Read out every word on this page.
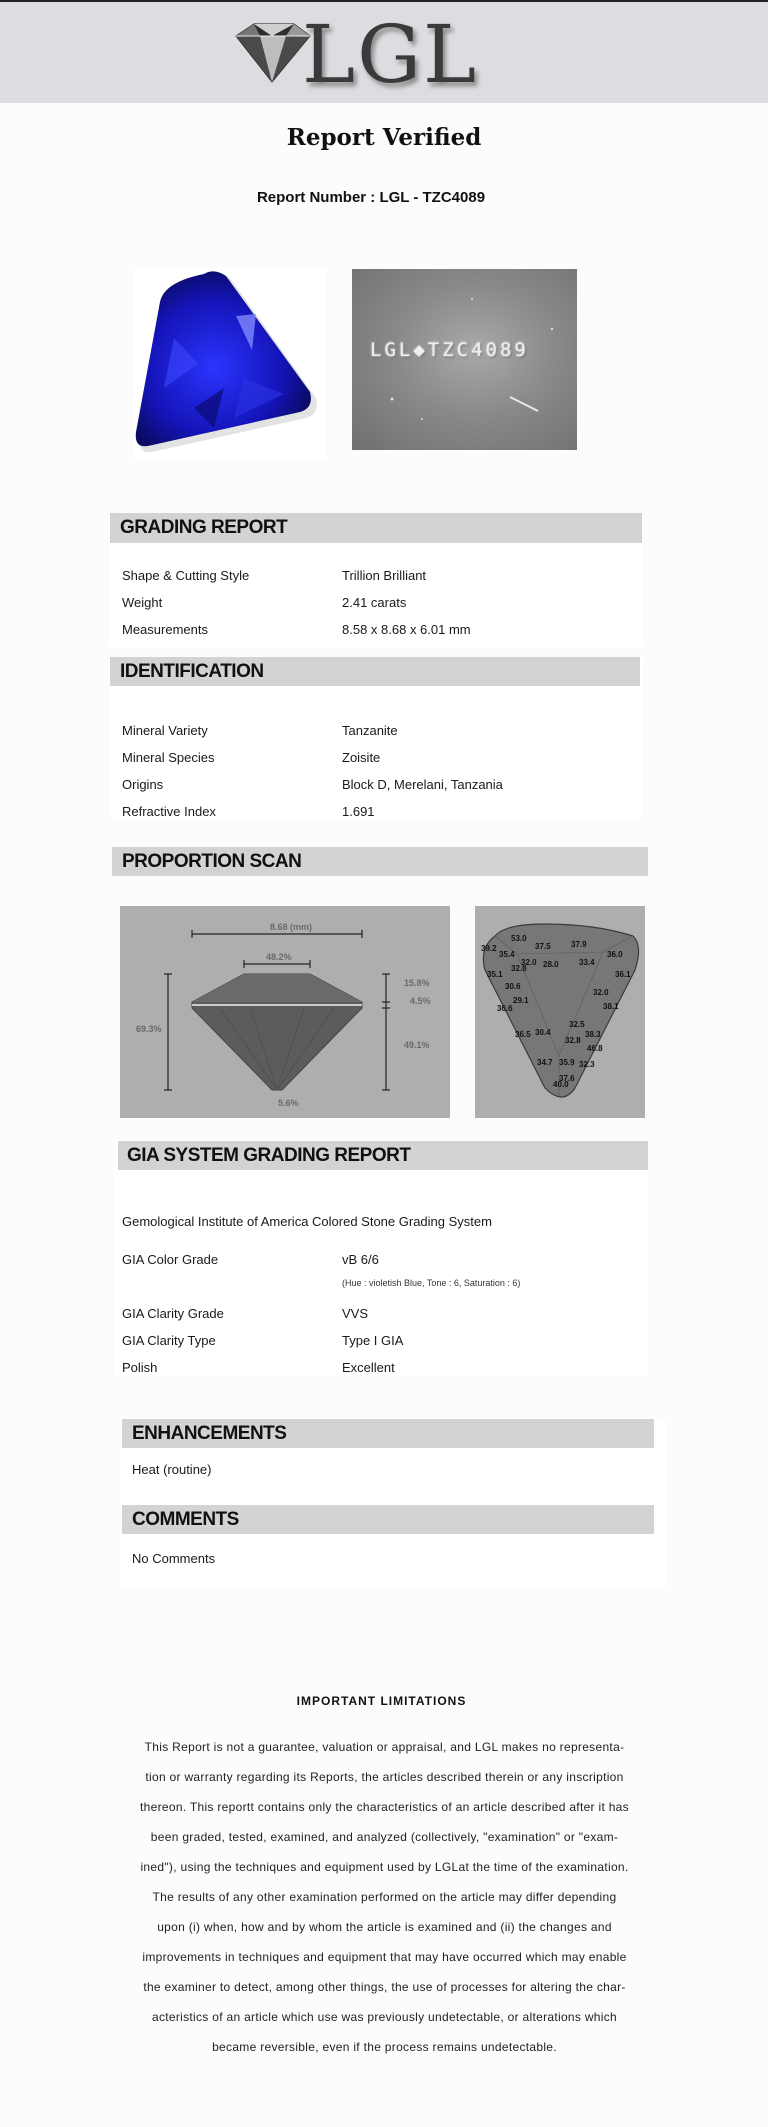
LGL
Report Verified
Report Number : LGL - TZC4089
LGL◆TZC4089
GRADING REPORT
Shape & Cutting Style	Trillion Brilliant
Weight	2.41 carats
Measurements	8.58 x 8.68 x 6.01 mm
IDENTIFICATION
Mineral Variety	Tanzanite
Mineral Species	Zoisite
Origins	Block D, Merelani, Tanzania
Refractive Index	1.691
PROPORTION SCAN
8.68 (mm)
48.2%
15.8%
4.5%
49.1%
69.3%
5.6%
39.2
53.0
37.5	37.9
36.0
35.4
32.0 28.0	33.4
36.1
35.1
32.8
30.6
32.0
29.1
38.1
36.6
36.5 30.4
32.5
38.3
32.8
46.8
34.7 35.9 32.3
37.6
40.0
GIA SYSTEM GRADING REPORT
Gemological Institute of America Colored Stone Grading System
GIA Color Grade	vB 6/6
(Hue : violetish Blue, Tone : 6, Saturation : 6)
GIA Clarity Grade	VVS
GIA Clarity Type	Type I GIA
Polish	Excellent
ENHANCEMENTS
Heat (routine)
COMMENTS
No Comments
IMPORTANT LIMITATIONS
This Report is not a guarantee, valuation or appraisal, and LGL makes no representa-
tion or warranty regarding its Reports, the articles described therein or any inscription
thereon. This reportt contains only the characteristics of an article described after it has
been graded, tested, examined, and analyzed (collectively, "examination" or "exam-
ined"), using the techniques and equipment used by LGLat the time of the examination.
The results of any other examination performed on the article may differ depending
upon (i) when, how and by whom the article is examined and (ii) the changes and
improvements in techniques and equipment that may have occurred which may enable
the examiner to detect, among other things, the use of processes for altering the char-
acteristics of an article which use was previously undetectable, or alterations which
became reversible, even if the process remains undetectable.
